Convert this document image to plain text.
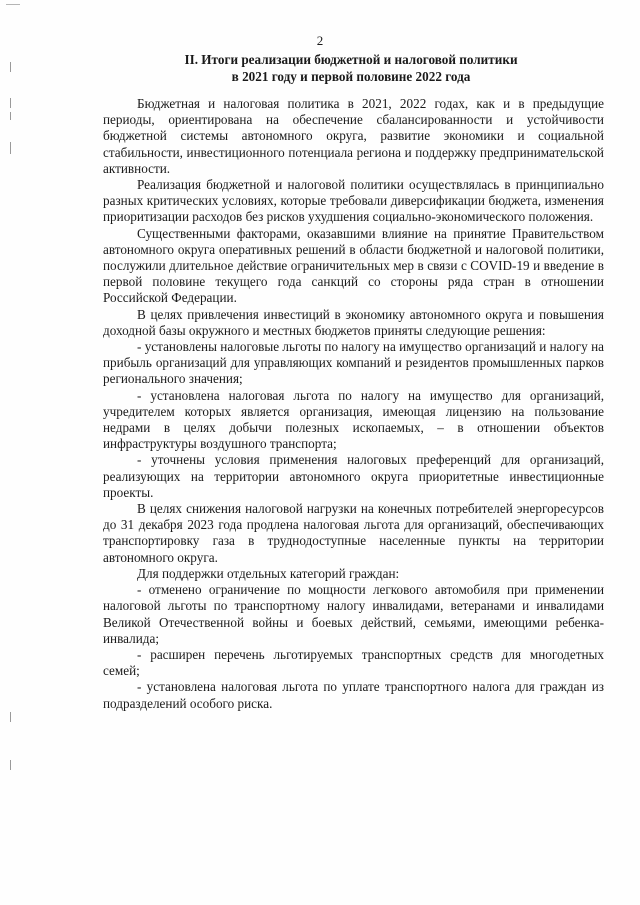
2
II. Итоги реализации бюджетной и налоговой политики
в 2021 году и первой половине 2022 года

Бюджетная и налоговая политика в 2021, 2022 годах, как и в предыдущие периоды, ориентирована на обеспечение сбалансированности и устойчивости бюджетной системы автономного округа, развитие экономики и социальной стабильности, инвестиционного потенциала региона и поддержку предпринимательской активности.

Реализация бюджетной и налоговой политики осуществлялась в принципиально разных критических условиях, которые требовали диверсификации бюджета, изменения приоритизации расходов без рисков ухудшения социально-экономического положения.

Существенными факторами, оказавшими влияние на принятие Правительством автономного округа оперативных решений в области бюджетной и налоговой политики, послужили длительное действие ограничительных мер в связи с COVID-19 и введение в первой половине текущего года санкций со стороны ряда стран в отношении Российской Федерации.

В целях привлечения инвестиций в экономику автономного округа и повышения доходной базы окружного и местных бюджетов приняты следующие решения:

- установлены налоговые льготы по налогу на имущество организаций и налогу на прибыль организаций для управляющих компаний и резидентов промышленных парков регионального значения;

- установлена налоговая льгота по налогу на имущество для организаций, учредителем которых является организация, имеющая лицензию на пользование недрами в целях добычи полезных ископаемых, – в отношении объектов инфраструктуры воздушного транспорта;

- уточнены условия применения налоговых преференций для организаций, реализующих на территории автономного округа приоритетные инвестиционные проекты.

В целях снижения налоговой нагрузки на конечных потребителей энергоресурсов до 31 декабря 2023 года продлена налоговая льгота для организаций, обеспечивающих транспортировку газа в труднодоступные населенные пункты на территории автономного округа.

Для поддержки отдельных категорий граждан:

- отменено ограничение по мощности легкового автомобиля при применении налоговой льготы по транспортному налогу инвалидами, ветеранами и инвалидами Великой Отечественной войны и боевых действий, семьями, имеющими ребенка-инвалида;

- расширен перечень льготируемых транспортных средств для многодетных семей;

- установлена налоговая льгота по уплате транспортного налога для граждан из подразделений особого риска.
